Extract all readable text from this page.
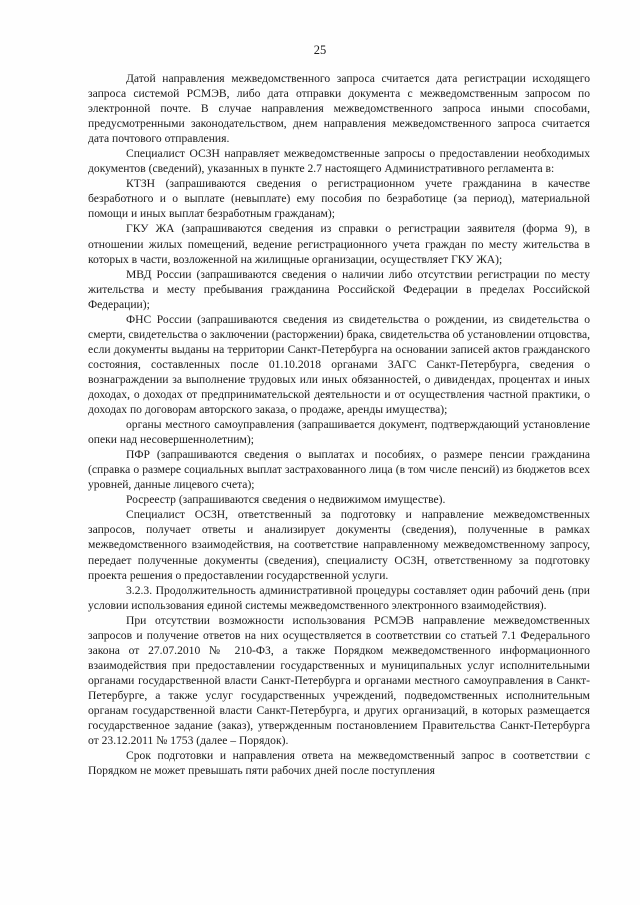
25

Датой направления межведомственного запроса считается дата регистрации исходящего запроса системой РСМЭВ, либо дата отправки документа с межведомственным запросом по электронной почте. В случае направления межведомственного запроса иными способами, предусмотренными законодательством, днем направления межведомственного запроса считается дата почтового отправления.

Специалист ОСЗН направляет межведомственные запросы о предоставлении необходимых документов (сведений), указанных в пункте 2.7 настоящего Административного регламента в:

КТЗН (запрашиваются сведения о регистрационном учете гражданина в качестве безработного и о выплате (невыплате) ему пособия по безработице (за период), материальной помощи и иных выплат безработным гражданам);

ГКУ ЖА (запрашиваются сведения из справки о регистрации заявителя (форма 9), в отношении жилых помещений, ведение регистрационного учета граждан по месту жительства в которых в части, возложенной на жилищные организации, осуществляет ГКУ ЖА);

МВД России (запрашиваются сведения о наличии либо отсутствии регистрации по месту жительства и месту пребывания гражданина Российской Федерации в пределах Российской Федерации);

ФНС России (запрашиваются сведения из свидетельства о рождении, из свидетельства о смерти, свидетельства о заключении (расторжении) брака, свидетельства об установлении отцовства, если документы выданы на территории Санкт-Петербурга на основании записей актов гражданского состояния, составленных после 01.10.2018 органами ЗАГС Санкт-Петербурга, сведения о вознаграждении за выполнение трудовых или иных обязанностей, о дивидендах, процентах и иных доходах, о доходах от предпринимательской деятельности и от осуществления частной практики, о доходах по договорам авторского заказа, о продаже, аренды имущества);

органы местного самоуправления (запрашивается документ, подтверждающий установление опеки над несовершеннолетним);

ПФР (запрашиваются сведения о выплатах и пособиях, о размере пенсии гражданина (справка о размере социальных выплат застрахованного лица (в том числе пенсий) из бюджетов всех уровней, данные лицевого счета);

Росреестр (запрашиваются сведения о недвижимом имуществе).

Специалист ОСЗН, ответственный за подготовку и направление межведомственных запросов, получает ответы и анализирует документы (сведения), полученные в рамках межведомственного взаимодействия, на соответствие направленному межведомственному запросу, передает полученные документы (сведения), специалисту ОСЗН, ответственному за подготовку проекта решения о предоставлении государственной услуги.

3.2.3. Продолжительность административной процедуры составляет один рабочий день (при условии использования единой системы межведомственного электронного взаимодействия).

При отсутствии возможности использования РСМЭВ направление межведомственных запросов и получение ответов на них осуществляется в соответствии со статьей 7.1 Федерального закона от 27.07.2010 № 210-ФЗ, а также Порядком межведомственного информационного взаимодействия при предоставлении государственных и муниципальных услуг исполнительными органами государственной власти Санкт-Петербурга и органами местного самоуправления в Санкт-Петербурге, а также услуг государственных учреждений, подведомственных исполнительным органам государственной власти Санкт-Петербурга, и других организаций, в которых размещается государственное задание (заказ), утвержденным постановлением Правительства Санкт-Петербурга от 23.12.2011 № 1753 (далее – Порядок).

Срок подготовки и направления ответа на межведомственный запрос в соответствии с Порядком не может превышать пяти рабочих дней после поступления
